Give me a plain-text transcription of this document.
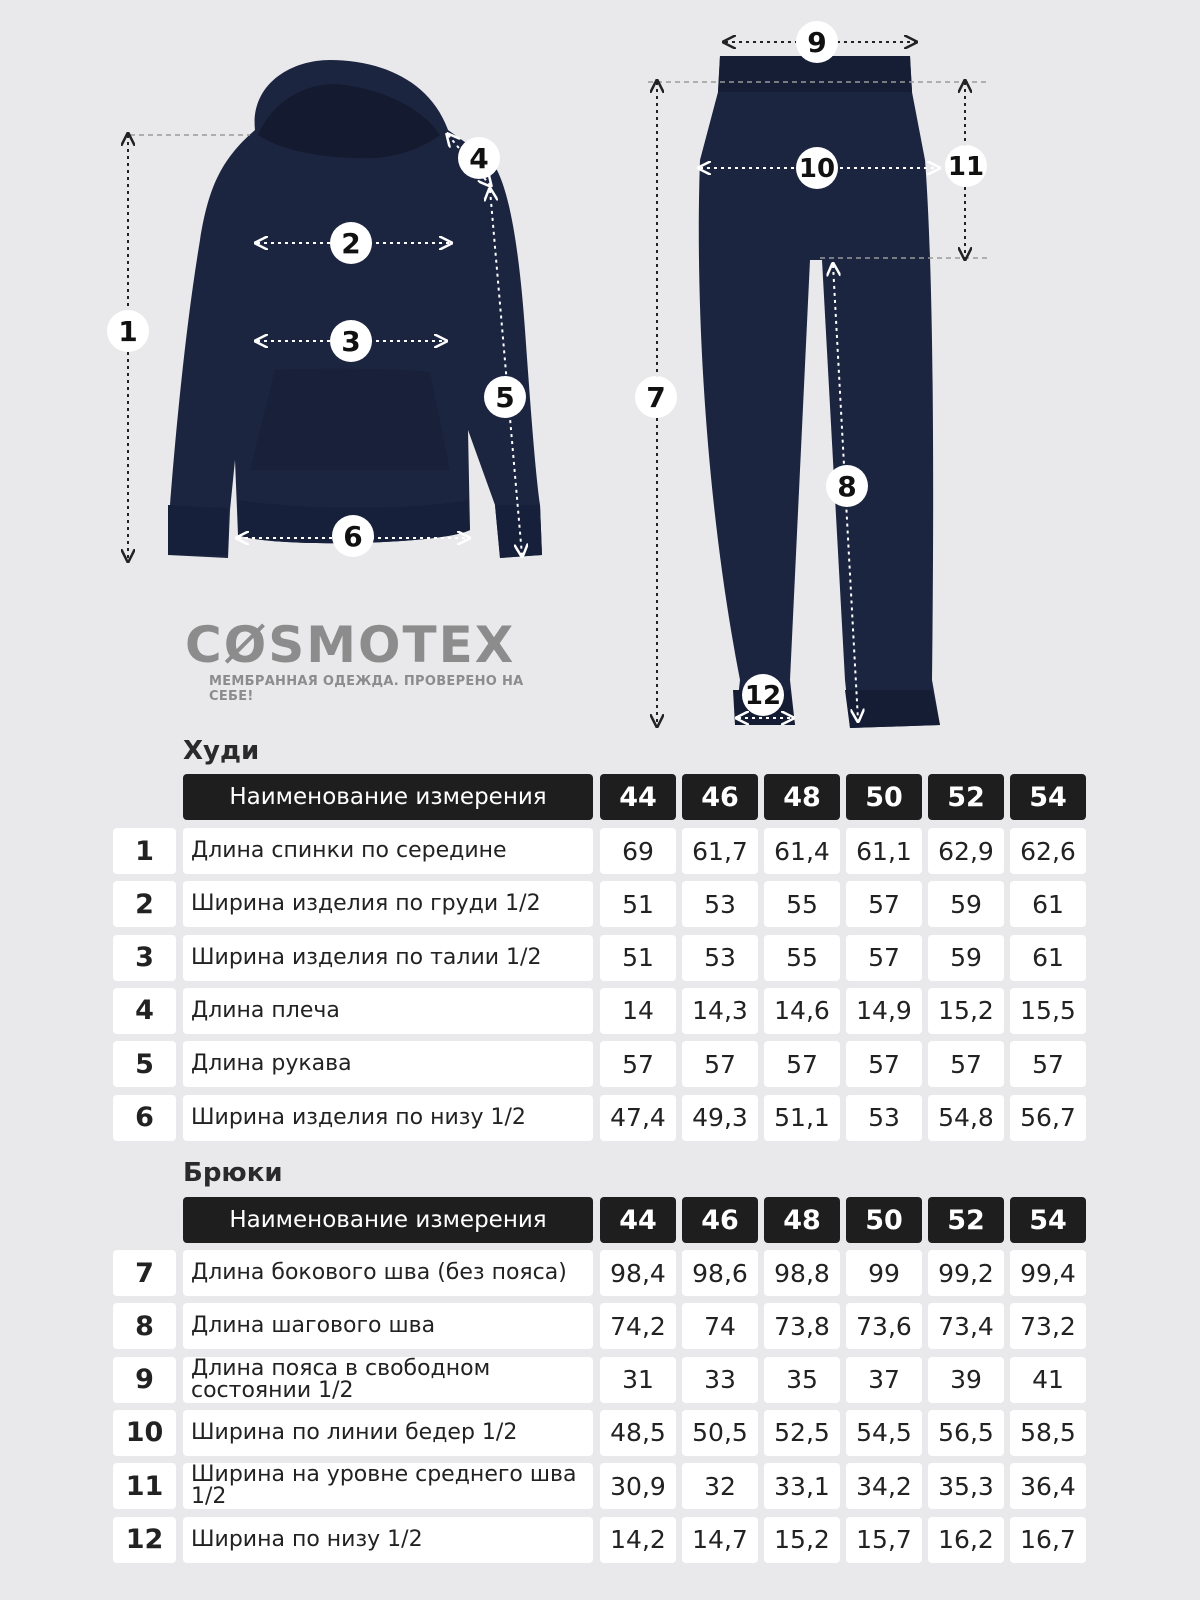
1
2
3
4
5
6
7
8
9
10	11
12
CØSMOTEX
МЕМБРАННАЯ ОДЕЖДА. ПРОВЕРЕНО НА СЕБЕ!
Худи
Наименование измерения	44	46	48	50	52	54
1	Длина спинки по середине	69	61,7	61,4	61,1	62,9	62,6
2	Ширина изделия по груди 1/2	51	53	55	57	59	61
3	Ширина изделия по талии 1/2	51	53	55	57	59	61
4	Длина плеча	14	14,3	14,6	14,9	15,2	15,5
5	Длина рукава	57	57	57	57	57	57
6	Ширина изделия по низу 1/2	47,4	49,3	51,1	53	54,8	56,7
Брюки
Наименование измерения	44	46	48	50	52	54
7	Длина бокового шва (без пояса)	98,4	98,6	98,8	99	99,2	99,4
8	Длина шагового шва	74,2	74	73,8	73,6	73,4	73,2
9	Длина пояса в свободном состоянии 1/2	31	33	35	37	39	41
10	Ширина по линии бедер 1/2	48,5	50,5	52,5	54,5	56,5	58,5
11	Ширина на уровне среднего шва 1/2	30,9	32	33,1	34,2	35,3	36,4
12	Ширина по низу 1/2	14,2	14,7	15,2	15,7	16,2	16,7
